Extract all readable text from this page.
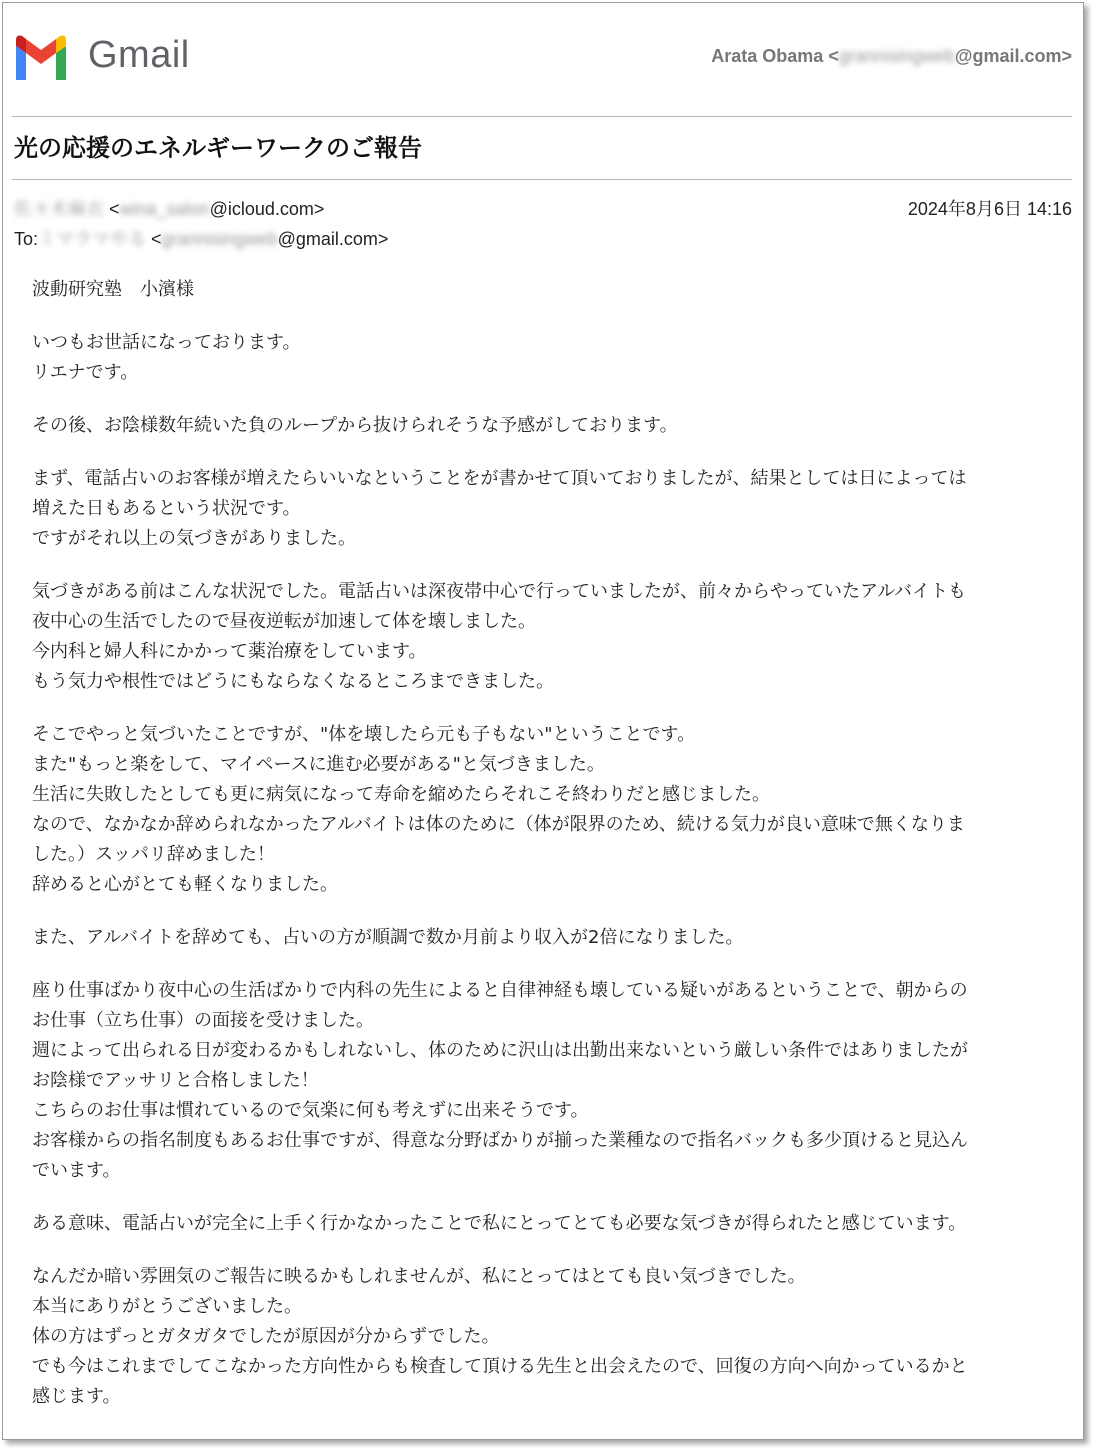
Gmail	Arata Obama <grannisingweb@gmail.com>
光の応援のエネルギーワークのご報告
佐々木麻衣 <wina_salon@icloud.com>	2024年8月6日 14:16
To:ミマラマやる <grannisingweb@gmail.com>

波動研究塾　小濱様

いつもお世話になっております。
リエナです。

その後、お陰様数年続いた負のループから抜けられそうな予感がしております。

まず、電話占いのお客様が増えたらいいなということをが書かせて頂いておりましたが、結果としては日によっては
増えた日もあるという状況です。
ですがそれ以上の気づきがありました。

気づきがある前はこんな状況でした。電話占いは深夜帯中心で行っていましたが、前々からやっていたアルバイトも
夜中心の生活でしたので昼夜逆転が加速して体を壊しました。
今内科と婦人科にかかって薬治療をしています。
もう気力や根性ではどうにもならなくなるところまできました。

そこでやっと気づいたことですが、"体を壊したら元も子もない"ということです。
また"もっと楽をして、マイペースに進む必要がある"と気づきました。
生活に失敗したとしても更に病気になって寿命を縮めたらそれこそ終わりだと感じました。
なので、なかなか辞められなかったアルバイトは体のために（体が限界のため、続ける気力が良い意味で無くなりま
した。）スッパリ辞めました！
辞めると心がとても軽くなりました。

また、アルバイトを辞めても、占いの方が順調で数か月前より収入が2倍になりました。

座り仕事ばかり夜中心の生活ばかりで内科の先生によると自律神経も壊している疑いがあるということで、朝からの
お仕事（立ち仕事）の面接を受けました。
週によって出られる日が変わるかもしれないし、体のために沢山は出勤出来ないという厳しい条件ではありましたが
お陰様でアッサリと合格しました！
こちらのお仕事は慣れているので気楽に何も考えずに出来そうです。
お客様からの指名制度もあるお仕事ですが、得意な分野ばかりが揃った業種なので指名バックも多少頂けると見込ん
でいます。

ある意味、電話占いが完全に上手く行かなかったことで私にとってとても必要な気づきが得られたと感じています。

なんだか暗い雰囲気のご報告に映るかもしれませんが、私にとってはとても良い気づきでした。
本当にありがとうございました。
体の方はずっとガタガタでしたが原因が分からずでした。
でも今はこれまでしてこなかった方向性からも検査して頂ける先生と出会えたので、回復の方向へ向かっているかと
感じます。
